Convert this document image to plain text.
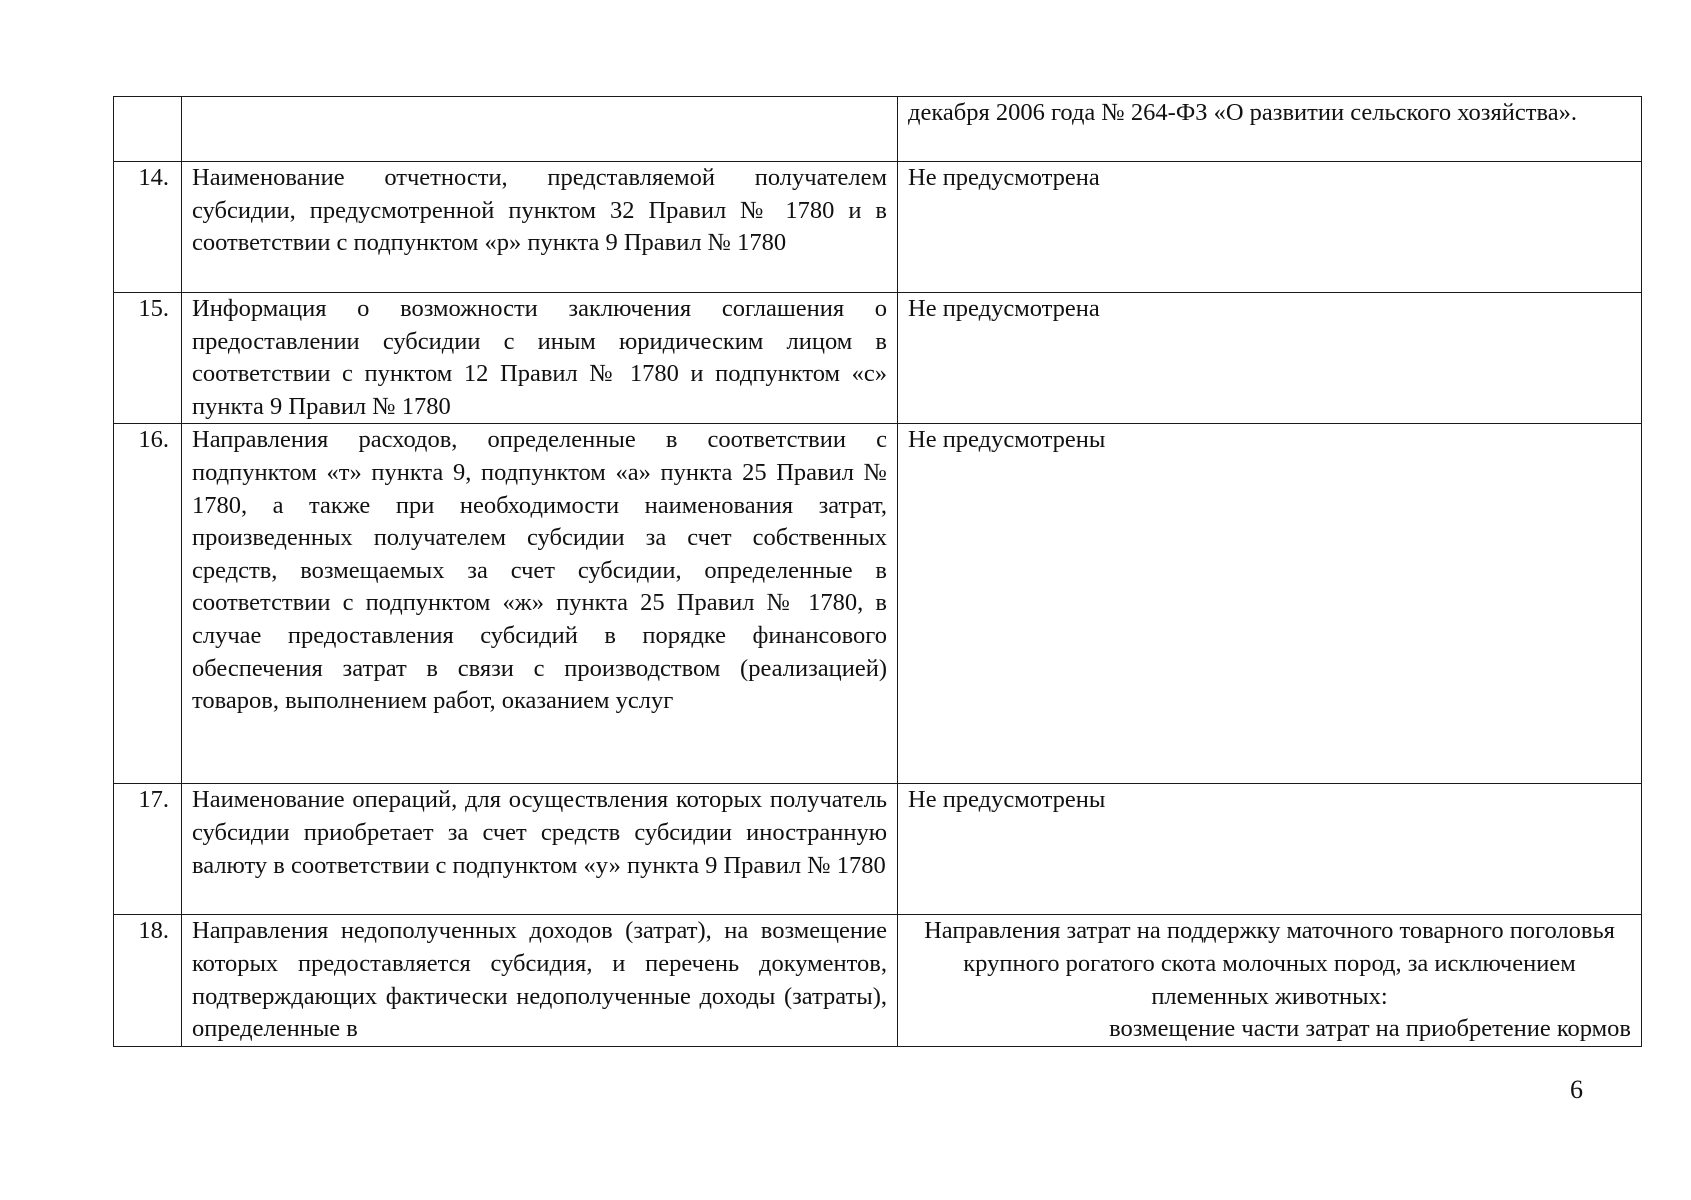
		декабря 2006 года № 264-ФЗ «О развитии сельского хозяйства».
14.	Наименование отчетности, представляемой получателем субсидии, предусмотренной пунктом 32 Правил № 1780 и в соответствии с подпунктом «р» пункта 9 Правил № 1780	Не предусмотрена
15.	Информация о возможности заключения соглашения о предоставлении субсидии с иным юридическим лицом в соответствии с пунктом 12 Правил № 1780 и подпунктом «с» пункта 9 Правил № 1780	Не предусмотрена
16.	Направления расходов, определенные в соответствии с подпунктом «т» пункта 9, подпунктом «а» пункта 25 Правил № 1780, а также при необходимости наименования затрат, произведенных получателем субсидии за счет собственных средств, возмещаемых за счет субсидии, определенные в соответствии с подпунктом «ж» пункта 25 Правил № 1780, в случае предоставления субсидий в порядке финансового обеспечения затрат в связи с производством (реализацией) товаров, выполнением работ, оказанием услуг	Не предусмотрены
17.	Наименование операций, для осуществления которых получатель субсидии приобретает за счет средств субсидии иностранную валюту в соответствии с подпунктом «у» пункта 9 Правил № 1780	Не предусмотрены
18.	Направления недополученных доходов (затрат), на возмещение которых предоставляется субсидия, и перечень документов, подтверждающих фактически недополученные доходы (затраты), определенные в	Направления затрат на поддержку маточного товарного поголовья крупного рогатого скота молочных пород, за исключением племенных животных:
возмещение части затрат на приобретение кормов
6
